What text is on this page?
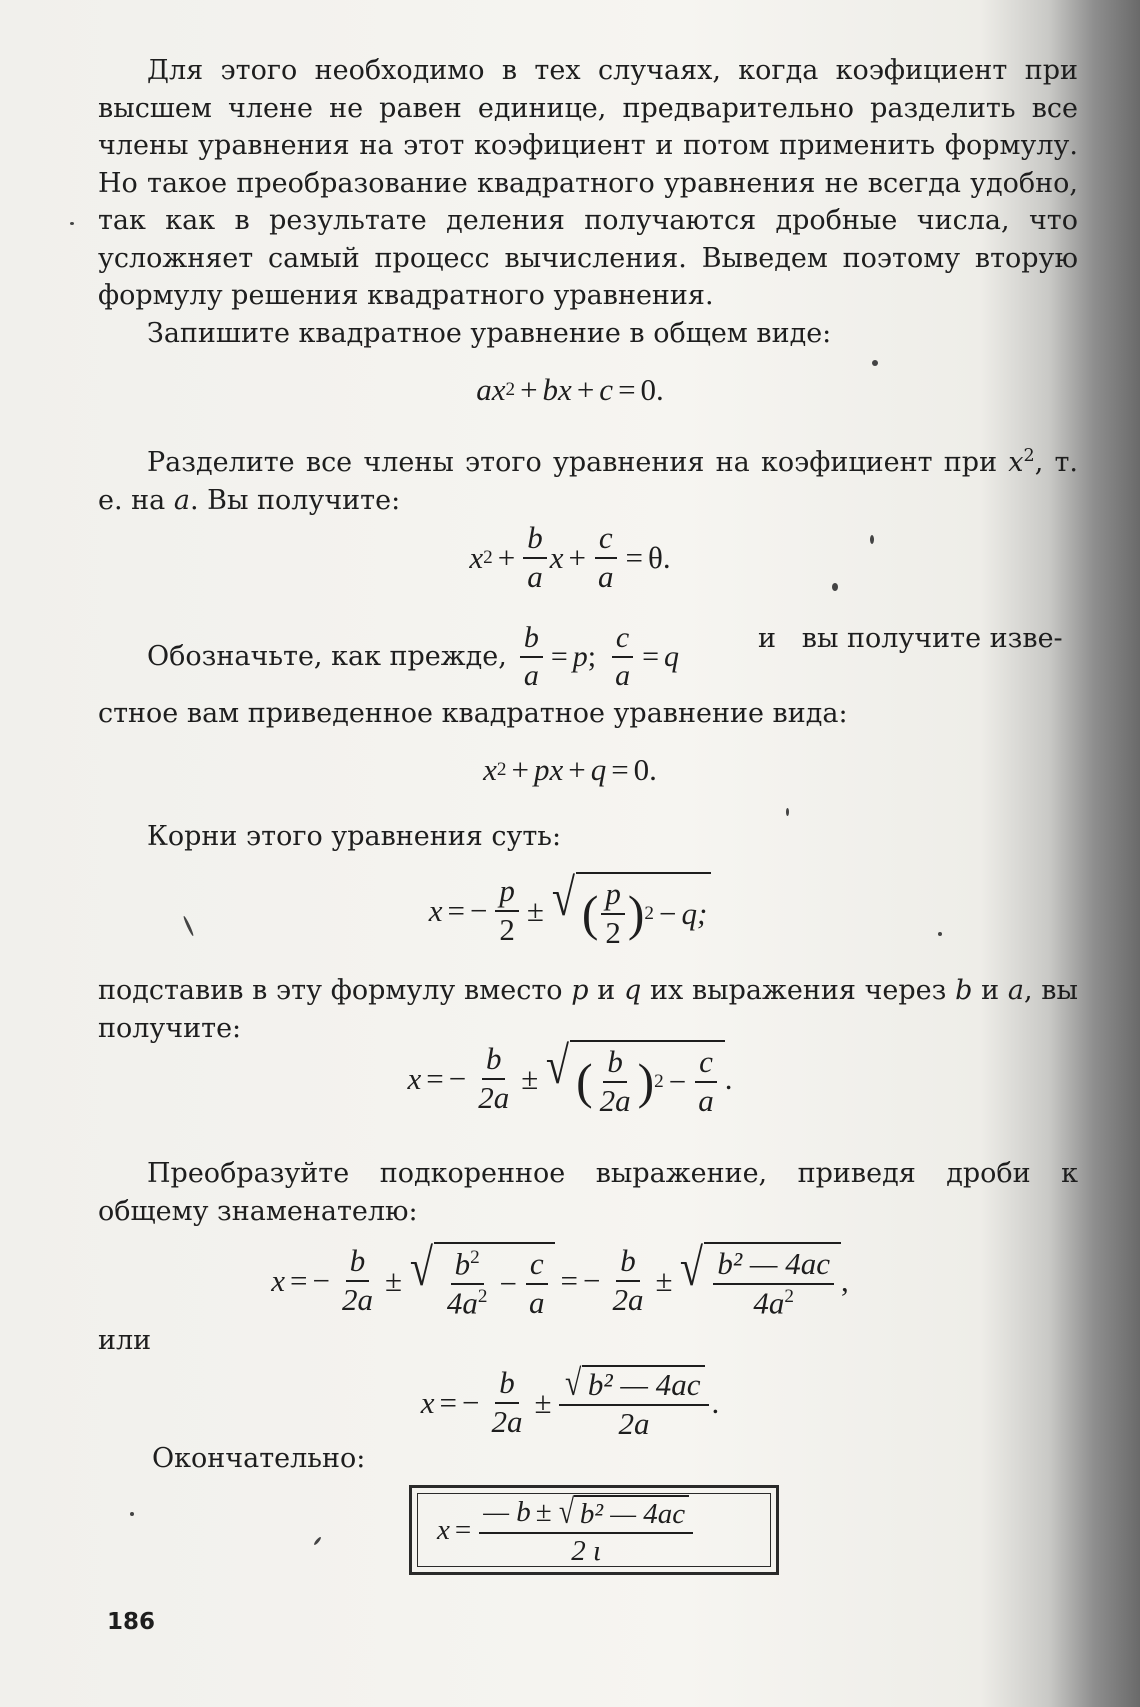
Для этого необходимо в тех случаях, когда коэфициент при высшем члене не равен единице, предварительно разделить все члены уравнения на этот коэфициент и потом применить формулу. Но такое преобразование квадратного уравнения не всегда удобно, так как в результате деления получаются дробные числа, что усложняет самый процесс вычисления. Выведем поэтому вторую формулу решения квадратного уравнения.

Запишите квадратное уравнение в общем виде:

ax 2 + bx + c = 0.

Разделите все члены этого уравнения на коэфициент при $x^2$, т. е. на a. Вы получите:

x $2 + \frac{b}{a}$ $x + \frac{c}{a} = \theta$.
Обозначьте, как прежде, $\frac{b}{a} = p$ ; $\frac{c}{a} = q$

и   вы получите изве-

стное вам приведенное квадратное уравнение вида:

x 2 + px + q = 0.

Корни этого уравнения суть:

x = − $\frac{p}{2}$ ± √ ( $\frac{p}{2}$ ) 2 − q;

подставив в эту формулу вместо p и q их выражения через b и a, вы получите:

x = − $\frac{b}{2a}$ ± √ ( $\frac{b}{2a}$ ) $2 - \frac{c}{a}$ .

Преобразуйте подкоренное выражение, приведя дроби к общему знаменателю:

x = − $\frac{b}{2a}$ ± √ $\frac{b^2}{4a^2} - \frac{c}{a}$ = − $\frac{b}{2a}$ ± √ $\frac{\text{b² — 4ac}}{4a^2}$ ,

или

x = − $\frac{b}{2a} \pm \frac{\text{√ b² — 4ac}}{2a}$ .

Окончательно:

$x = \frac{\text{— b ± √ b² — 4ac}}{2 \iota}$
186
